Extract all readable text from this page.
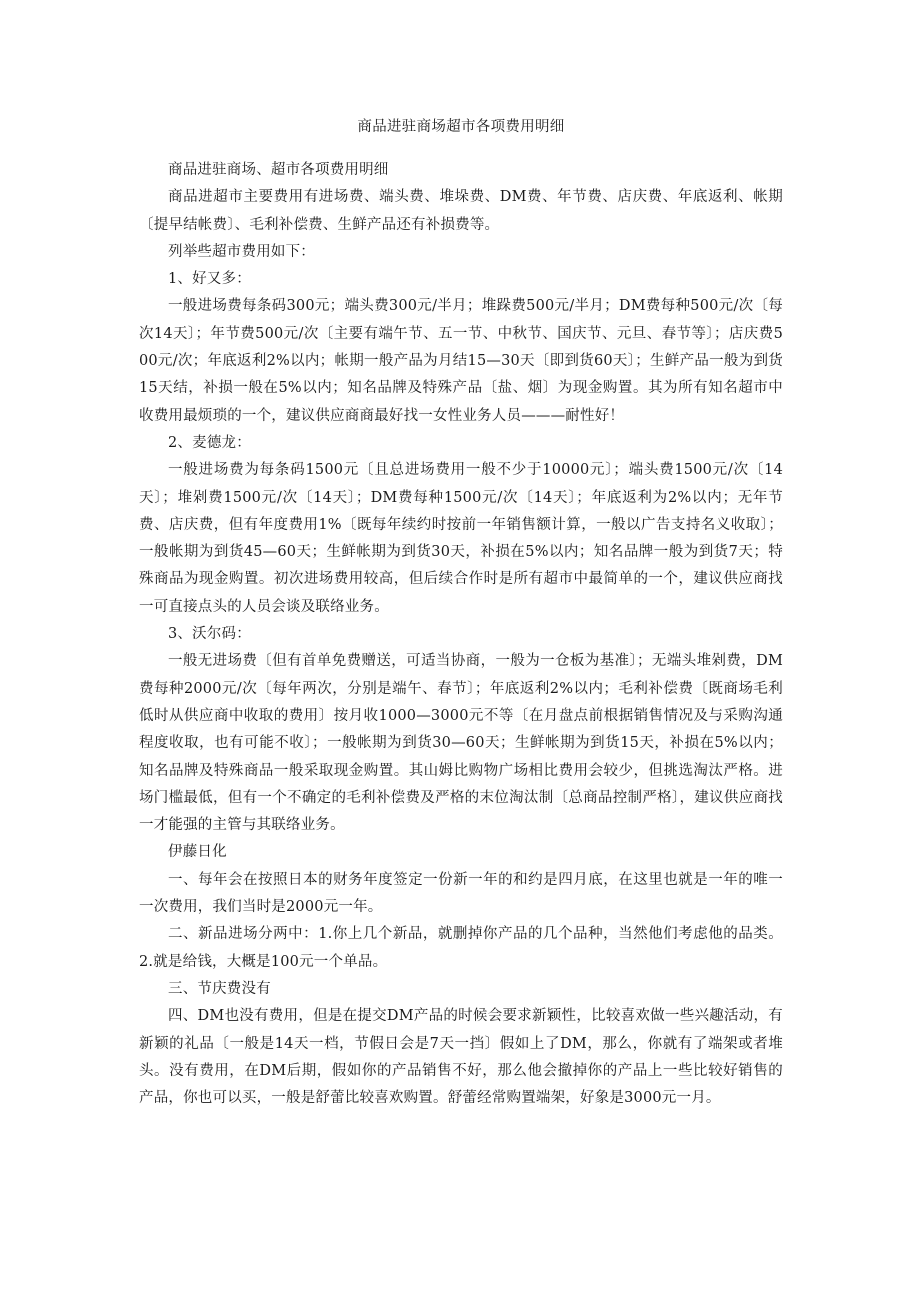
商品进驻商场超市各项费用明细

商品进驻商场、超市各项费用明细

商品进超市主要费用有进场费、端头费、堆垛费、DM费、年节费、店庆费、年底返利、帐期〔提早结帐费〕、毛利补偿费、生鲜产品还有补损费等。

列举些超市费用如下：

1、好又多：

一般进场费每条码300元；端头费300元/半月；堆跺费500元/半月；DM费每种500元/次〔每次14天〕；年节费500元/次〔主要有端午节、五一节、中秋节、国庆节、元旦、春节等〕；店庆费500元/次；年底返利2%以内；帐期一般产品为月结15—30天〔即到货60天〕；生鲜产品一般为到货15天结，补损一般在5%以内；知名品牌及特殊产品〔盐、烟〕为现金购置。其为所有知名超市中收费用最烦琐的一个，建议供应商商最好找一女性业务人员———耐性好！

2、麦德龙：

一般进场费为每条码1500元〔且总进场费用一般不少于10000元〕；端头费1500元/次〔14天〕；堆剁费1500元/次〔14天〕；DM费每种1500元/次〔14天〕；年底返利为2%以内；无年节费、店庆费，但有年度费用1%〔既每年续约时按前一年销售额计算，一般以广告支持名义收取〕；一般帐期为到货45—60天；生鲜帐期为到货30天，补损在5%以内；知名品牌一般为到货7天；特殊商品为现金购置。初次进场费用较高，但后续合作时是所有超市中最简单的一个，建议供应商找一可直接点头的人员会谈及联络业务。

3、沃尔码：

一般无进场费〔但有首单免费赠送，可适当协商，一般为一仓板为基准〕；无端头堆剁费，DM费每种2000元/次〔每年两次，分别是端午、春节〕；年底返利2%以内；毛利补偿费〔既商场毛利低时从供应商中收取的费用〕按月收1000—3000元不等〔在月盘点前根据销售情况及与采购沟通程度收取，也有可能不收〕；一般帐期为到货30—60天；生鲜帐期为到货15天，补损在5%以内；知名品牌及特殊商品一般采取现金购置。其山姆比购物广场相比费用会较少，但挑选淘汰严格。进场门槛最低，但有一个不确定的毛利补偿费及严格的末位淘汰制〔总商品控制严格〕，建议供应商找一才能强的主管与其联络业务。

伊藤日化

一、每年会在按照日本的财务年度签定一份新一年的和约是四月底，在这里也就是一年的唯一一次费用，我们当时是2000元一年。

二、新品进场分两中：1.你上几个新品，就删掉你产品的几个品种，当然他们考虑他的品类。2.就是给钱，大概是100元一个单品。

三、节庆费没有

四、DM也没有费用，但是在提交DM产品的时候会要求新颖性，比较喜欢做一些兴趣活动，有新颖的礼品〔一般是14天一档，节假日会是7天一挡〕假如上了DM，那么，你就有了端架或者堆头。没有费用，在DM后期，假如你的产品销售不好，那么他会撤掉你的产品上一些比较好销售的产品，你也可以买，一般是舒蕾比较喜欢购置。舒蕾经常购置端架，好象是3000元一月。
